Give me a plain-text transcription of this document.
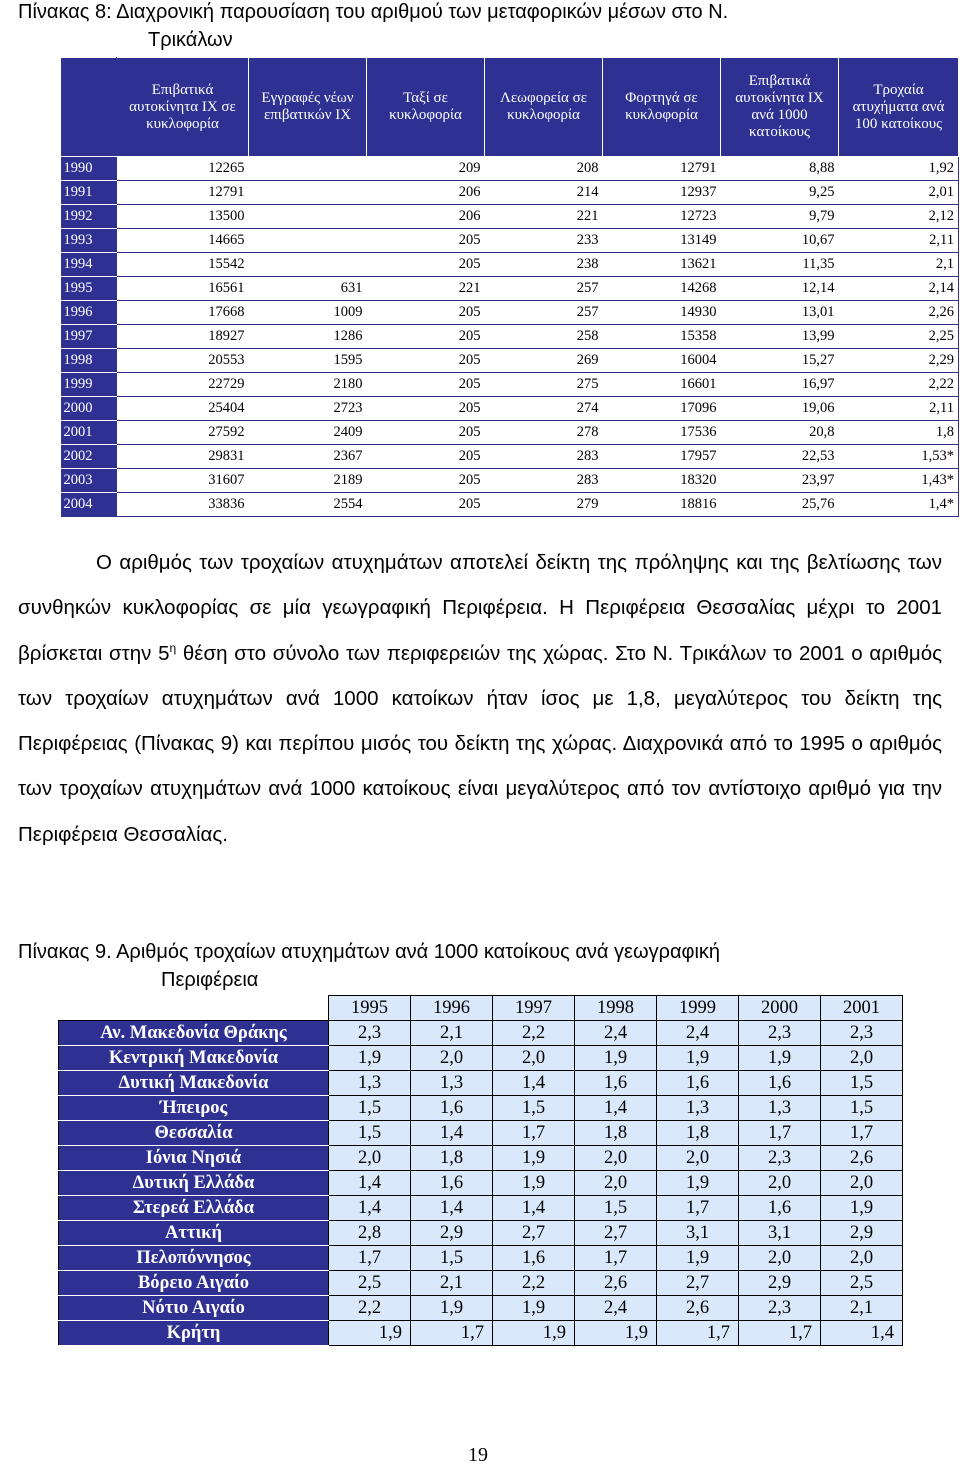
Πίνακας 8: Διαχρονική παρουσίαση του αριθμού των μεταφορικών μέσων στο Ν.
Τρικάλων
	Επιβατικά αυτοκίνητα ΙΧ σε κυκλοφορία	Εγγραφές νέων επιβατικών ΙΧ	Ταξί σε κυκλοφορία	Λεωφορεία σε κυκλοφορία	Φορτηγά σε κυκλοφορία	Επιβατικά αυτοκίνητα ΙΧ ανά 1000 κατοίκους	Τροχαία ατυχήματα ανά 100 κατοίκους
1990	12265		209	208	12791	8,88	1,92
1991	12791		206	214	12937	9,25	2,01
1992	13500		206	221	12723	9,79	2,12
1993	14665		205	233	13149	10,67	2,11
1994	15542		205	238	13621	11,35	2,1
1995	16561	631	221	257	14268	12,14	2,14
1996	17668	1009	205	257	14930	13,01	2,26
1997	18927	1286	205	258	15358	13,99	2,25
1998	20553	1595	205	269	16004	15,27	2,29
1999	22729	2180	205	275	16601	16,97	2,22
2000	25404	2723	205	274	17096	19,06	2,11
2001	27592	2409	205	278	17536	20,8	1,8
2002	29831	2367	205	283	17957	22,53	1,53*
2003	31607	2189	205	283	18320	23,97	1,43*
2004	33836	2554	205	279	18816	25,76	1,4*
Ο αριθμός των τροχαίων ατυχημάτων αποτελεί δείκτη της πρόληψης και της βελτίωσης των συνθηκών κυκλοφορίας σε μία γεωγραφική Περιφέρεια. Η Περιφέρεια Θεσσαλίας μέχρι το 2001 βρίσκεται στην $5^\eta$ θέση στο σύνολο των περιφερειών της χώρας. Στο Ν. Τρικάλων το 2001 ο αριθμός των τροχαίων ατυχημάτων ανά 1000 κατοίκων ήταν ίσος με 1,8, μεγαλύτερος του δείκτη της Περιφέρειας (Πίνακας 9) και περίπου μισός του δείκτη της χώρας. Διαχρονικά από το 1995 ο αριθμός των τροχαίων ατυχημάτων ανά 1000 κατοίκους είναι μεγαλύτερος από τον αντίστοιχο αριθμό για την Περιφέρεια Θεσσαλίας.
Πίνακας 9. Αριθμός τροχαίων ατυχημάτων ανά 1000 κατοίκους ανά γεωγραφική
Περιφέρεια
	1995	1996	1997	1998	1999	2000	2001
Αν. Μακεδονία Θράκης	2,3	2,1	2,2	2,4	2,4	2,3	2,3
Κεντρική Μακεδονία	1,9	2,0	2,0	1,9	1,9	1,9	2,0
Δυτική Μακεδονία	1,3	1,3	1,4	1,6	1,6	1,6	1,5
Ήπειρος	1,5	1,6	1,5	1,4	1,3	1,3	1,5
Θεσσαλία	1,5	1,4	1,7	1,8	1,8	1,7	1,7
Ιόνια Νησιά	2,0	1,8	1,9	2,0	2,0	2,3	2,6
Δυτική Ελλάδα	1,4	1,6	1,9	2,0	1,9	2,0	2,0
Στερεά Ελλάδα	1,4	1,4	1,4	1,5	1,7	1,6	1,9
Αττική	2,8	2,9	2,7	2,7	3,1	3,1	2,9
Πελοπόννησος	1,7	1,5	1,6	1,7	1,9	2,0	2,0
Βόρειο Αιγαίο	2,5	2,1	2,2	2,6	2,7	2,9	2,5
Νότιο Αιγαίο	2,2	1,9	1,9	2,4	2,6	2,3	2,1
Κρήτη	1,9	1,7	1,9	1,9	1,7	1,7	1,4
19
